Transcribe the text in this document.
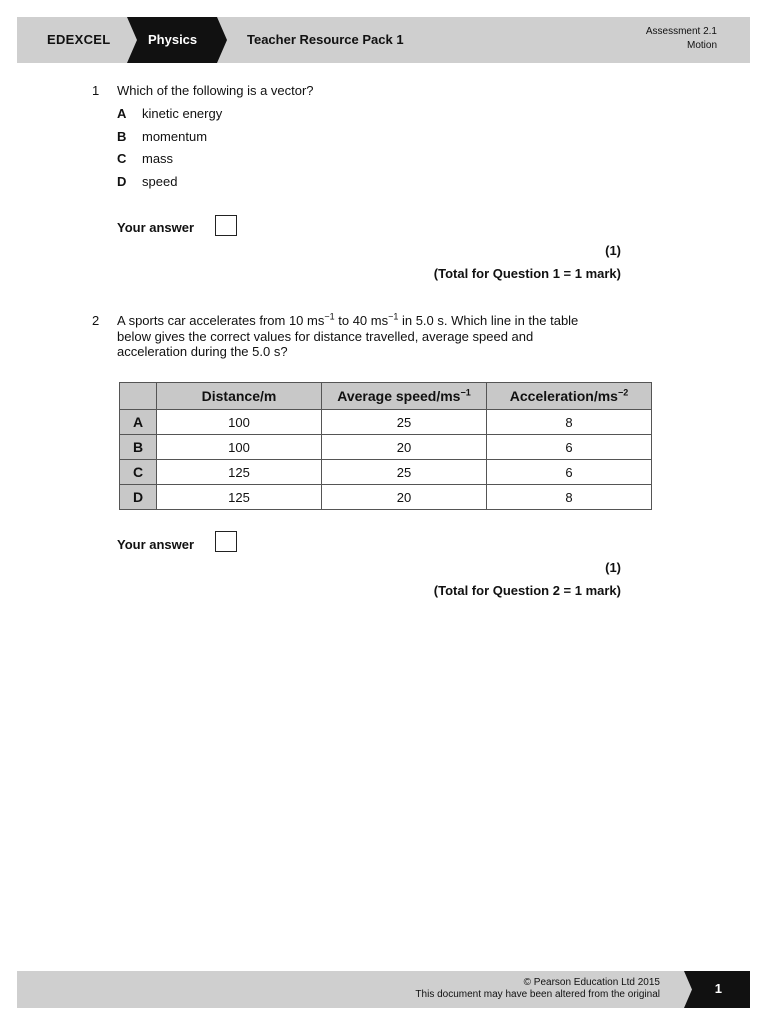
EDEXCEL	Physics	Teacher Resource Pack 1
Assessment 2.1
Motion
1 Which of the following is a vector?
A kinetic energy
B momentum
C mass
D speed
Your answer
(1)
(Total for Question 1 = 1 mark)
2 A sports car accelerates from 10 $ms^{-1}$ to 40 $ms^{-1}$ in 5.0 s. Which line in the table
below gives the correct values for distance travelled, average speed and
acceleration during the 5.0 s?
	Distance/m	Average speed/$ms^{-1}$	Acceleration/$ms^{-2}$
A	100	25	8
B	100	20	6
C	125	25	6
D	125	20	8
Your answer
(1)
(Total for Question 2 = 1 mark)
© Pearson Education Ltd 2015
This document may have been altered from the original	1
